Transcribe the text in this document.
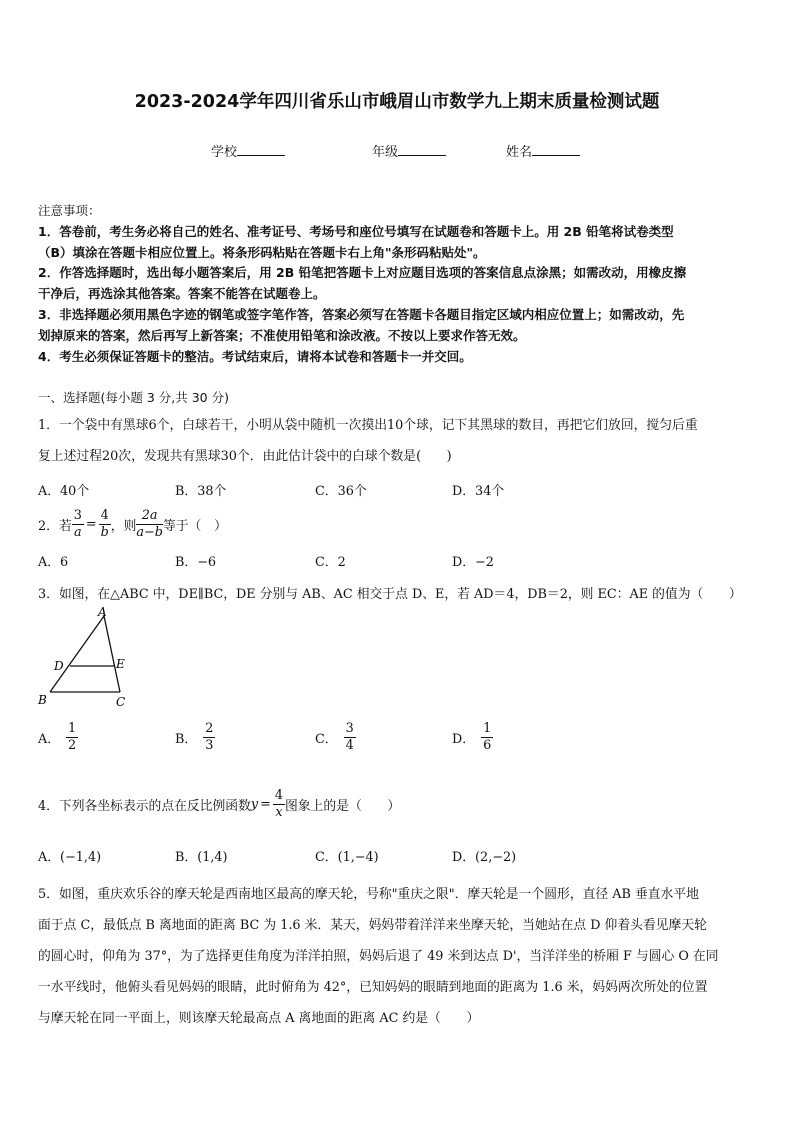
2023-2024学年四川省乐山市峨眉山市数学九上期末质量检测试题
学校	年级	姓名

注意事项：

1．答卷前，考生务必将自己的姓名、准考证号、考场号和座位号填写在试题卷和答题卡上。用 2B 铅笔将试卷类型

（B）填涂在答题卡相应位置上。将条形码粘贴在答题卡右上角"条形码粘贴处"。

2．作答选择题时，选出每小题答案后，用 2B 铅笔把答题卡上对应题目选项的答案信息点涂黑；如需改动，用橡皮擦

干净后，再选涂其他答案。答案不能答在试题卷上。

3．非选择题必须用黑色字迹的钢笔或签字笔作答，答案必须写在答题卡各题目指定区域内相应位置上；如需改动，先

划掉原来的答案，然后再写上新答案；不准使用铅笔和涂改液。不按以上要求作答无效。

4．考生必须保证答题卡的整洁。考试结束后，请将本试卷和答题卡一并交回。

一、选择题(每小题 3 分,共 30 分)

1．一个袋中有黑球6个，白球若干，小明从袋中随机一次摸出10个球，记下其黑球的数目，再把它们放回，搅匀后重

复上述过程20次，发现共有黑球30个．由此估计袋中的白球个数是(　　)

A．40个	B．38个	C．36个	D．34个
2．若 $\frac{3}{a} = \frac{4}{b}$ ，则 $\frac{2a}{a-b}$ 等于（　）
A．6	B．−6	C．2	D．−2
3．如图，在△ABC 中，DE∥BC，DE 分别与 AB、AC 相交于点 D、E，若 AD＝4，DB＝2，则 EC：AE 的值为（　　）
A
D	E
B	C
A． $\frac{1}{2}$	B． $\frac{2}{3}$	C． $\frac{3}{4}$	D． $\frac{1}{6}$
4．下列各坐标表示的点在反比例函数 $y = \frac{4}{x}$ 图象上的是（　　）
A．(−1,4)	B．(1,4)	C．(1,−4)	D．(2,−2)

5．如图，重庆欢乐谷的摩天轮是西南地区最高的摩天轮，号称"重庆之限"．摩天轮是一个圆形，直径 AB 垂直水平地

面于点 C，最低点 B 离地面的距离 BC 为 1.6 米．某天，妈妈带着洋洋来坐摩天轮，当她站在点 D 仰着头看见摩天轮

的圆心时，仰角为 37°，为了选择更佳角度为洋洋拍照，妈妈后退了 49 米到达点 D'，当洋洋坐的桥厢 F 与圆心 O 在同

一水平线时，他俯头看见妈妈的眼睛，此时俯角为 42°，已知妈妈的眼睛到地面的距离为 1.6 米，妈妈两次所处的位置

与摩天轮在同一平面上，则该摩天轮最高点 A 离地面的距离 AC 约是（　　）
